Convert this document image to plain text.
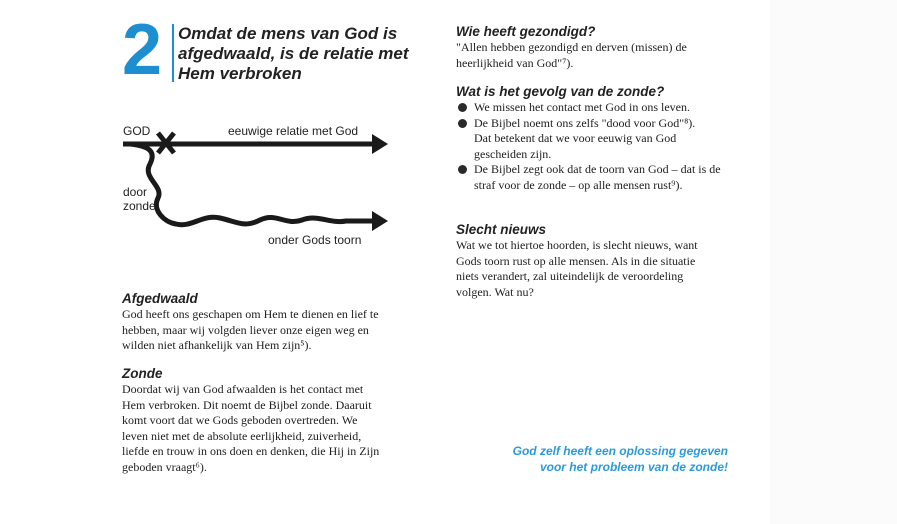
2 Omdat de mens van God is afgedwaald, is de relatie met Hem verbroken
GOD	eeuwige relatie met God
door
zonde
onder Gods toorn
Afgedwaald
God heeft ons geschapen om Hem te dienen en lief te
hebben, maar wij volgden liever onze eigen weg en
wilden niet afhankelijk van Hem zijn⁵).
Zonde
Doordat wij van God afwaalden is het contact met
Hem verbroken. Dit noemt de Bijbel zonde. Daaruit
komt voort dat we Gods geboden overtreden. We
leven niet met de absolute eerlijkheid, zuiverheid,
liefde en trouw in ons doen en denken, die Hij in Zijn
geboden vraagt⁶).
Wie heeft gezondigd?
"Allen hebben gezondigd en derven (missen) de
heerlijkheid van God"⁷).
Wat is het gevolg van de zonde?
We missen het contact met God in ons leven.
De Bijbel noemt ons zelfs "dood voor God"⁸).
Dat betekent dat we voor eeuwig van God
gescheiden zijn.
De Bijbel zegt ook dat de toorn van God – dat is de
straf voor de zonde – op alle mensen rust⁹).
Slecht nieuws
Wat we tot hiertoe hoorden, is slecht nieuws, want
Gods toorn rust op alle mensen. Als in die situatie
niets verandert, zal uiteindelijk de veroordeling
volgen. Wat nu?
God zelf heeft een oplossing gegeven
voor het probleem van de zonde!
